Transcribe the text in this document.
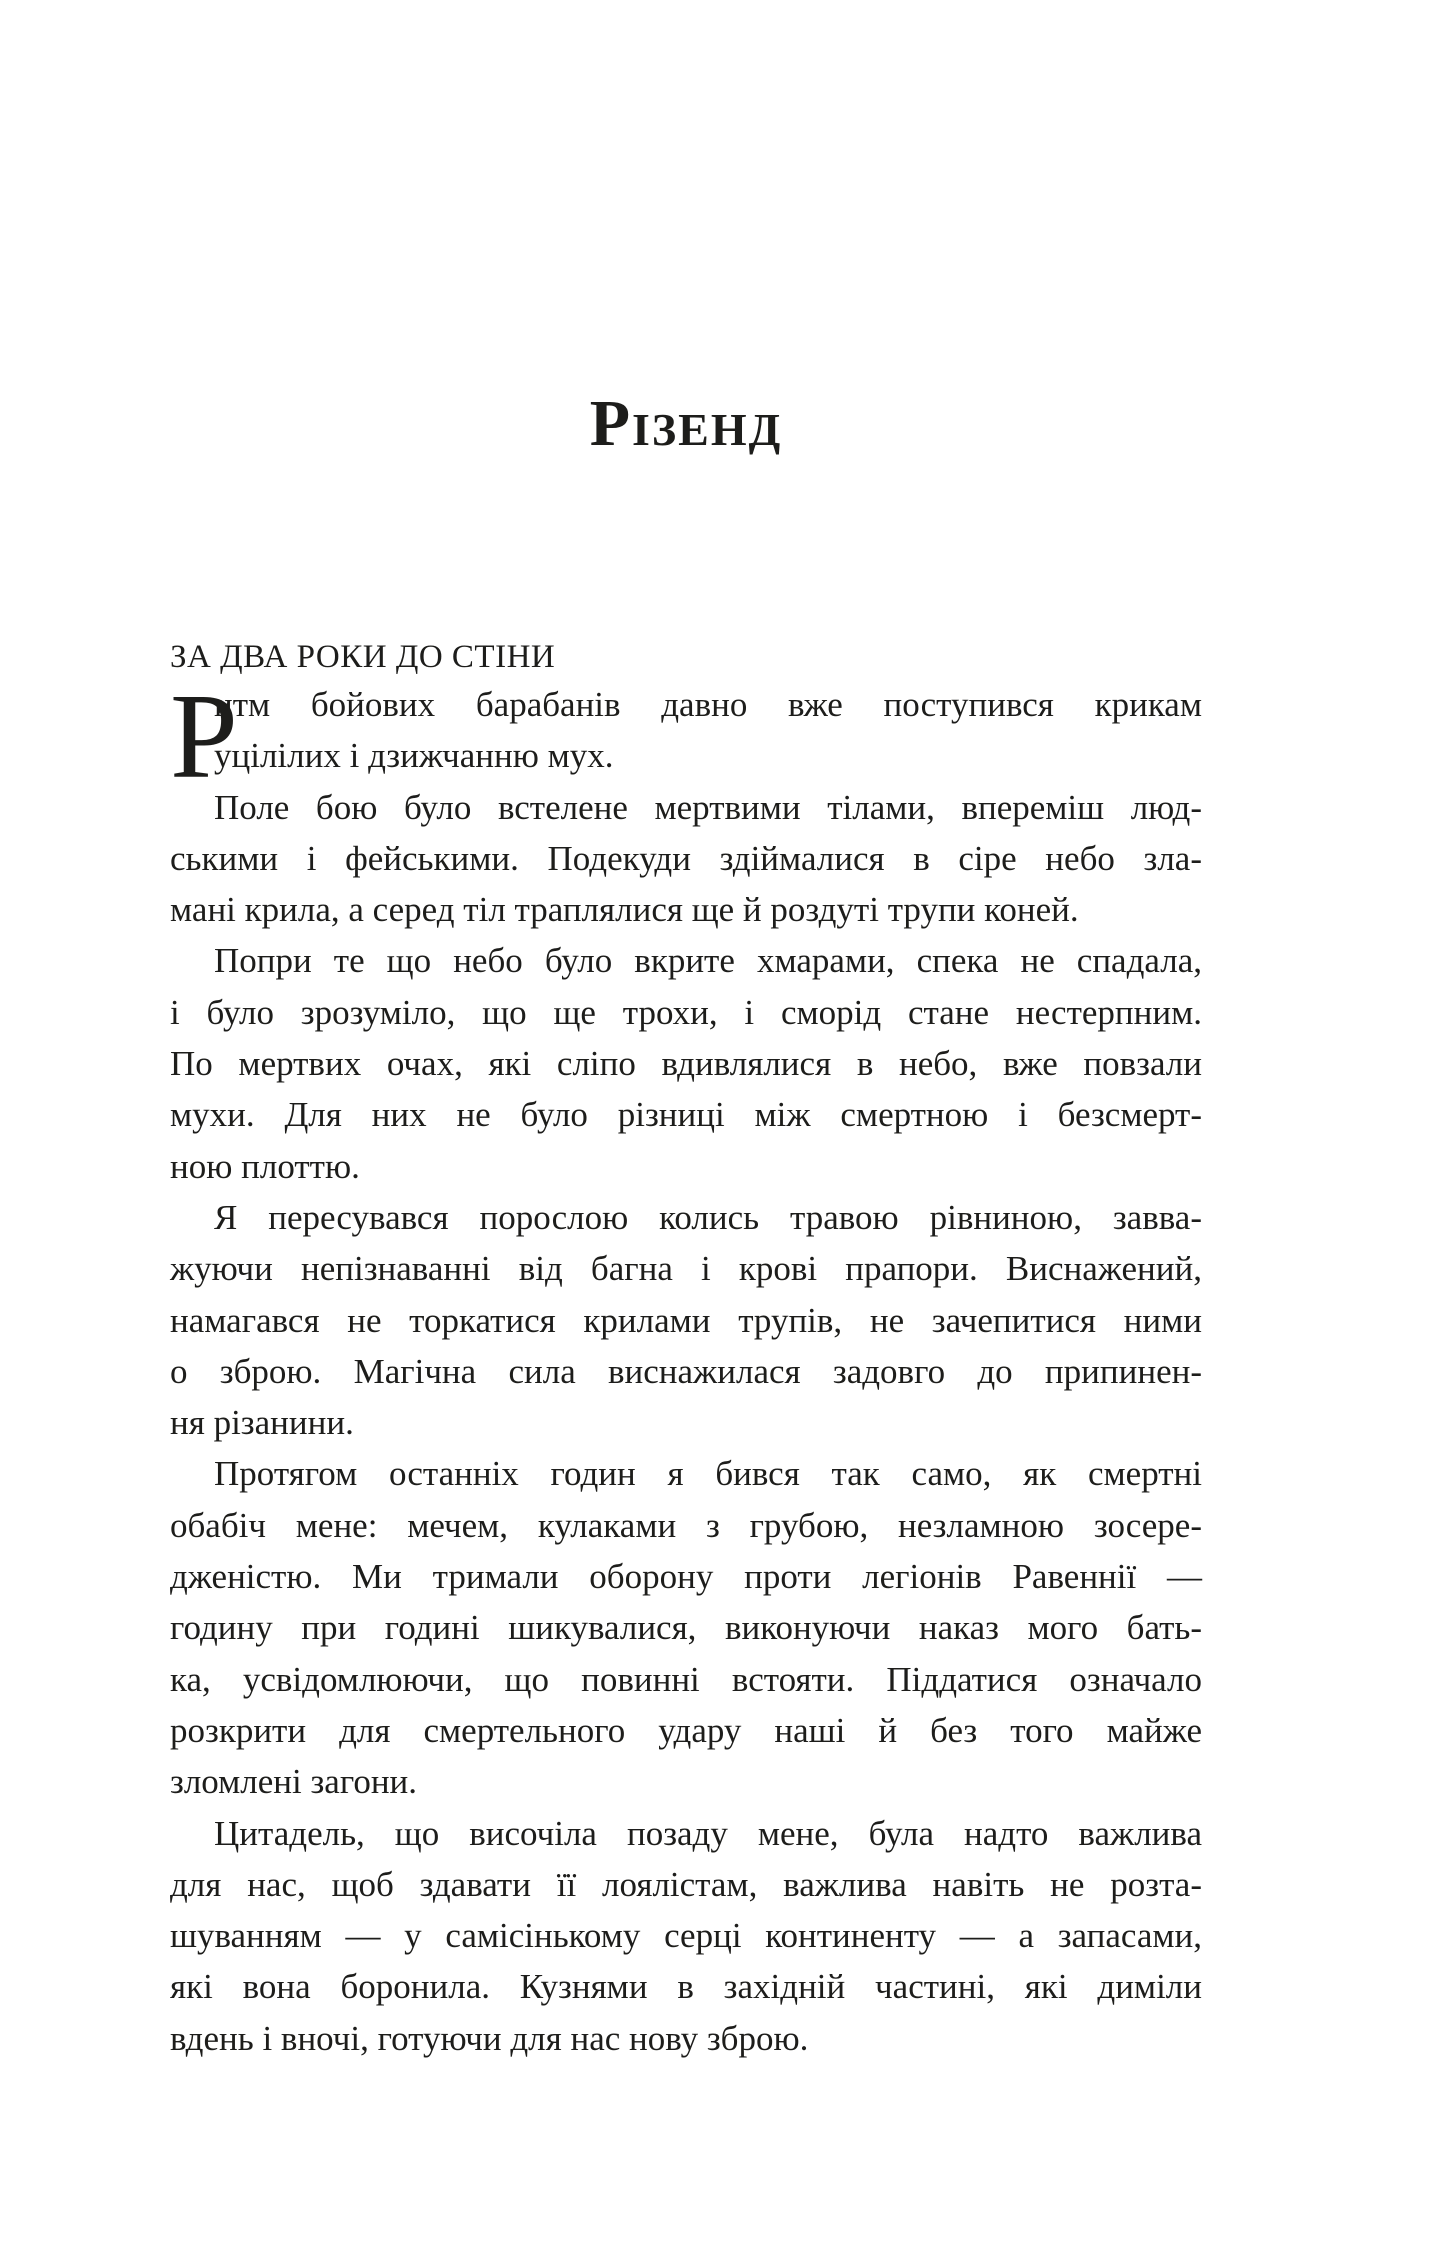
Різенд
ЗА ДВА РОКИ ДО СТІНИ
Р
итм бойових барабанів давно вже поступився крикам
уцілілих і дзижчанню мух.
Поле бою було встелене мертвими тілами, впереміш люд-
ськими і фейськими. Подекуди здіймалися в сіре небо зла-
мані крила, а серед тіл траплялися ще й роздуті трупи коней.
Попри те що небо було вкрите хмарами, спека не спадала,
і було зрозуміло, що ще трохи, і сморід стане нестерпним.
По мертвих очах, які сліпо вдивлялися в небо, вже повзали
мухи. Для них не було різниці між смертною і безсмерт-
ною плоттю.
Я пересувався порослою колись травою рівниною, завва-
жуючи непізнаванні від багна і крові прапори. Виснажений,
намагався не торкатися крилами трупів, не зачепитися ними
о зброю. Магічна сила виснажилася задовго до припинен-
ня різанини.
Протягом останніх годин я бився так само, як смертні
обабіч мене: мечем, кулаками з грубою, незламною зосере-
дженістю. Ми тримали оборону проти легіонів Равеннії —
годину при годині шикувалися, виконуючи наказ мого бать-
ка, усвідомлюючи, що повинні встояти. Піддатися означало
розкрити для смертельного удару наші й без того майже
зломлені загони.
Цитадель, що височіла позаду мене, була надто важлива
для нас, щоб здавати її лоялістам, важлива навіть не розта-
шуванням — у самісінькому серці континенту — а запасами,
які вона боронила. Кузнями в західній частині, які диміли
вдень і вночі, готуючи для нас нову зброю.
